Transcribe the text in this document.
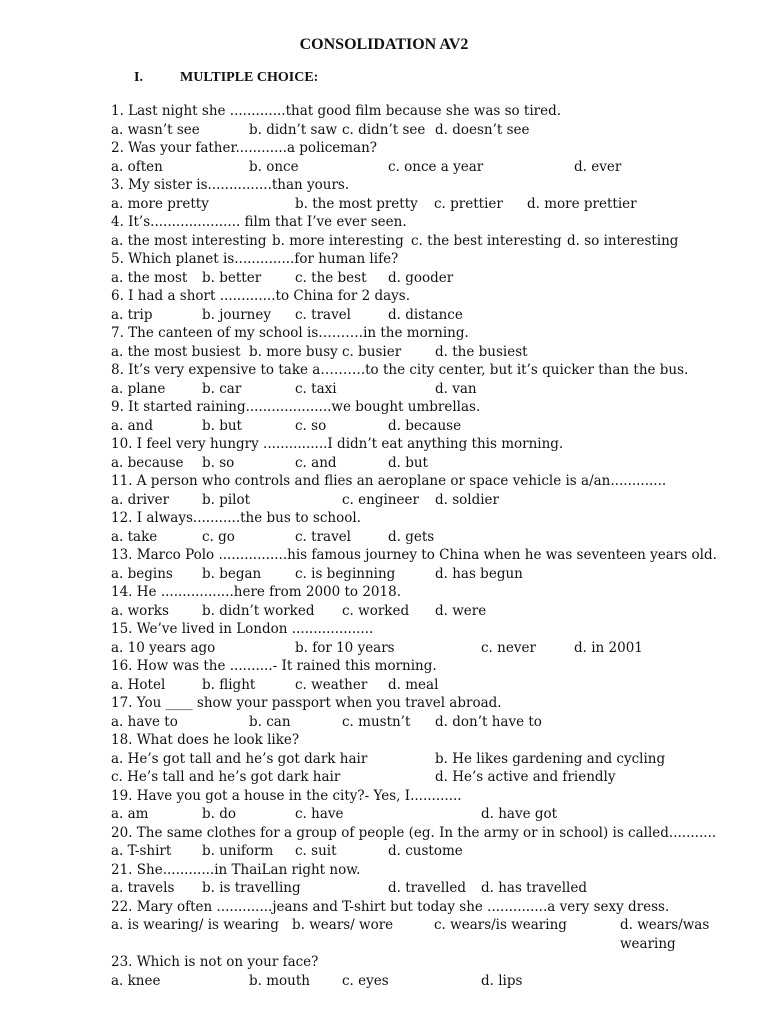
CONSOLIDATION AV2
I.	MULTIPLE CHOICE:
1. Last night she .............that good film because she was so tired.
a. wasn’t see	b. didn’t saw c. didn’t see d. doesn’t see
2. Was your father............a policeman?
a. often	b. once	c. once a year	d. ever
3. My sister is...............than yours.
a. more pretty	b. the most pretty c. prettier d. more prettier
4. It’s..................... film that I’ve ever seen.
a. the most interesting b. more interesting c. the best interesting d. so interesting
5. Which planet is..............for human life?
a. the most b. better	c. the best d. gooder
6. I had a short .............to China for 2 days.
a. trip	b. journey c. travel	d. distance
7. The canteen of my school is……….in the morning.
a. the most busiest b. more busy c. busier	d. the busiest
8. It’s very expensive to take a……….to the city center, but it’s quicker than the bus.
a. plane	b. car	c. taxi	d. van
9. It started raining....................we bought umbrellas.
a. and	b. but	c. so	d. because
10. I feel very hungry ...............I didn’t eat anything this morning.
a. because b. so	c. and	d. but
11. A person who controls and flies an aeroplane or space vehicle is a/an.............
a. driver b. pilot	c. engineer d. soldier
12. I always...........the bus to school.
a. take	c. go	c. travel	d. gets
13. Marco Polo ................his famous journey to China when he was seventeen years old.
a. begins b. began	c. is beginning	d. has begun
14. He .................here from 2000 to 2018.
a. works b. didn’t worked c. worked d. were
15. We’ve lived in London ...................
a. 10 years ago	b. for 10 years	c. never	d. in 2001
16. How was the ..........- It rained this morning.
a. Hotel	b. flight	c. weather d. meal
17. You ____ show your passport when you travel abroad.
a. have to	b. can	c. mustn’t d. don’t have to
18. What does he look like?
a. He’s got tall and he’s got dark hair	b. He likes gardening and cycling
c. He’s tall and he’s got dark hair	d. He’s active and friendly
19. Have you got a house in the city?- Yes, I............
a. am	b. do	c. have	d. have got
20. The same clothes for a group of people (eg. In the army or in school) is called...........
a. T-shirt b. uniform c. suit	d. custome
21. She............in ThaiLan right now.
a. travels b. is travelling	d. travelled d. has travelled
22. Mary often .............jeans and T-shirt but today she ..............a very sexy dress.
a. is wearing/ is wearing b. wears/ wore	c. wears/is wearing	d. wears/was wearing
23. Which is not on your face?
a. knee	b. mouth c. eyes	d. lips
